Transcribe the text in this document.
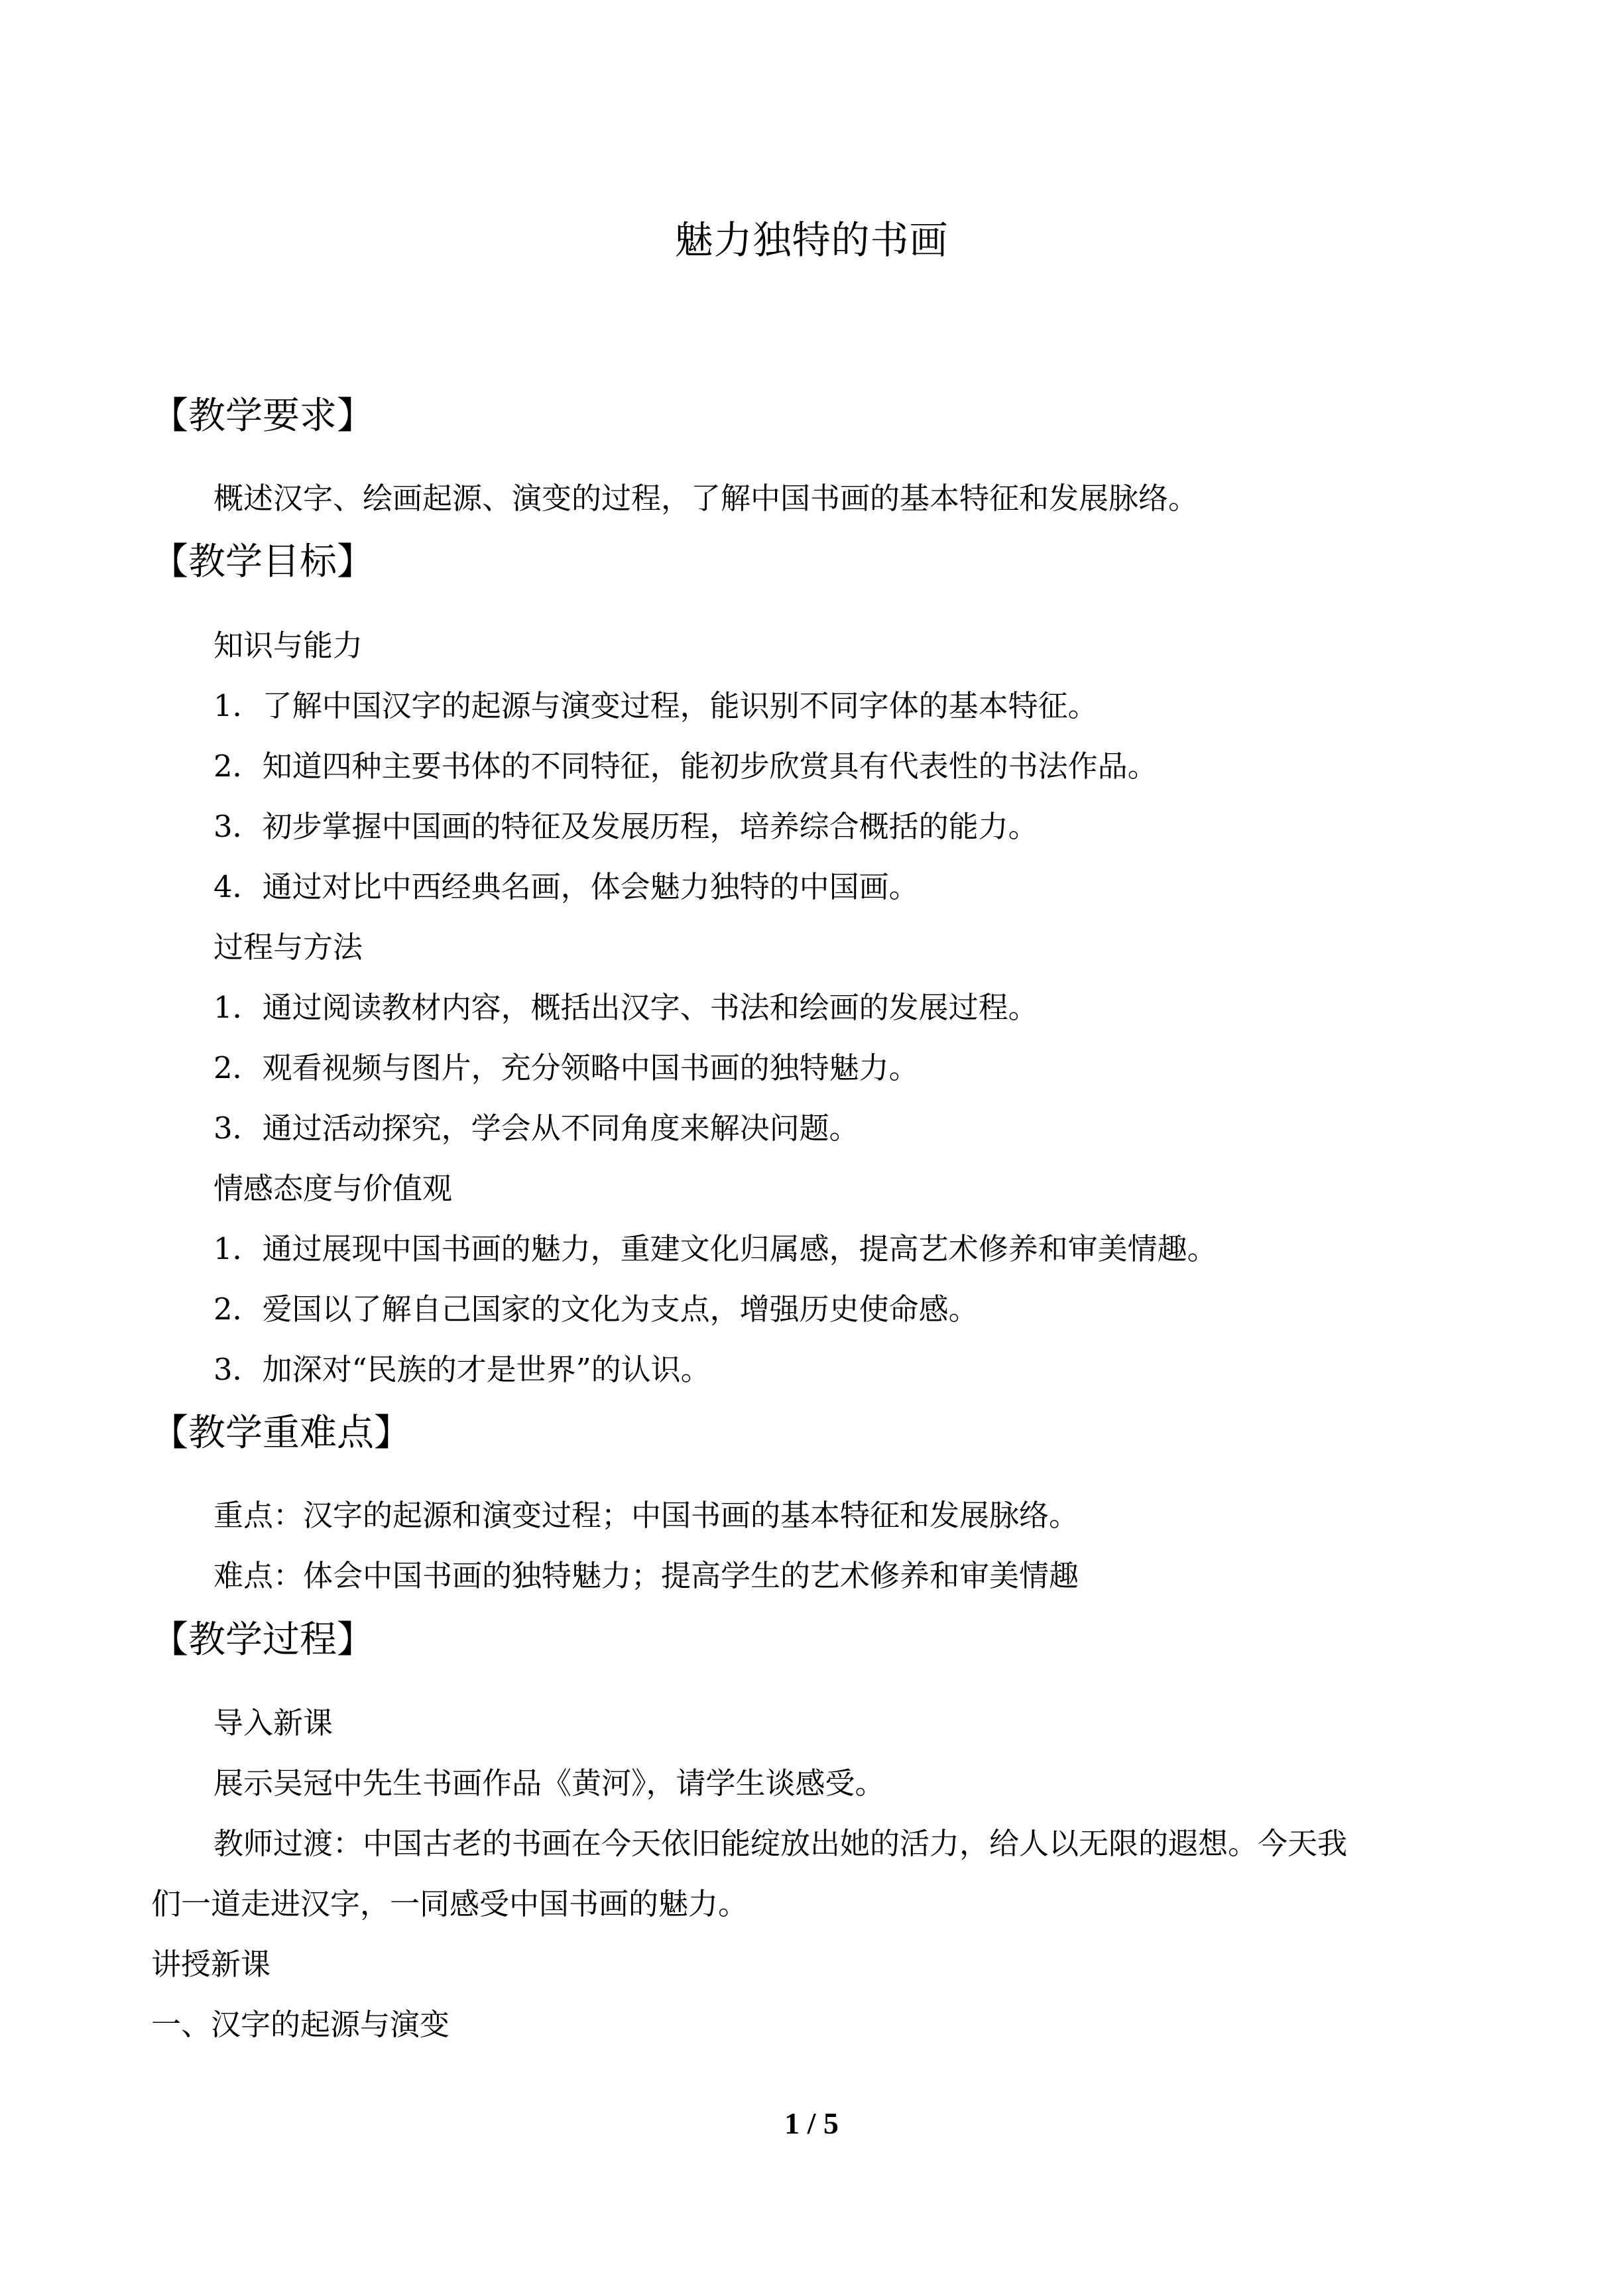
魅力独特的书画
【教学要求】
概述汉字、绘画起源、演变的过程，了解中国书画的基本特征和发展脉络。
【教学目标】
知识与能力
1．了解中国汉字的起源与演变过程，能识别不同字体的基本特征。
2．知道四种主要书体的不同特征，能初步欣赏具有代表性的书法作品。
3．初步掌握中国画的特征及发展历程，培养综合概括的能力。
4．通过对比中西经典名画，体会魅力独特的中国画。
过程与方法
1．通过阅读教材内容，概括出汉字、书法和绘画的发展过程。
2．观看视频与图片，充分领略中国书画的独特魅力。
3．通过活动探究，学会从不同角度来解决问题。
情感态度与价值观
1．通过展现中国书画的魅力，重建文化归属感，提高艺术修养和审美情趣。
2．爱国以了解自己国家的文化为支点，增强历史使命感。
3．加深对“民族的才是世界”的认识。
【教学重难点】
重点：汉字的起源和演变过程；中国书画的基本特征和发展脉络。
难点：体会中国书画的独特魅力；提高学生的艺术修养和审美情趣
【教学过程】
导入新课
展示吴冠中先生书画作品《黄河》，请学生谈感受。
教师过渡：中国古老的书画在今天依旧能绽放出她的活力，给人以无限的遐想。今天我
们一道走进汉字，一同感受中国书画的魅力。
讲授新课
一、汉字的起源与演变
1 / 5
